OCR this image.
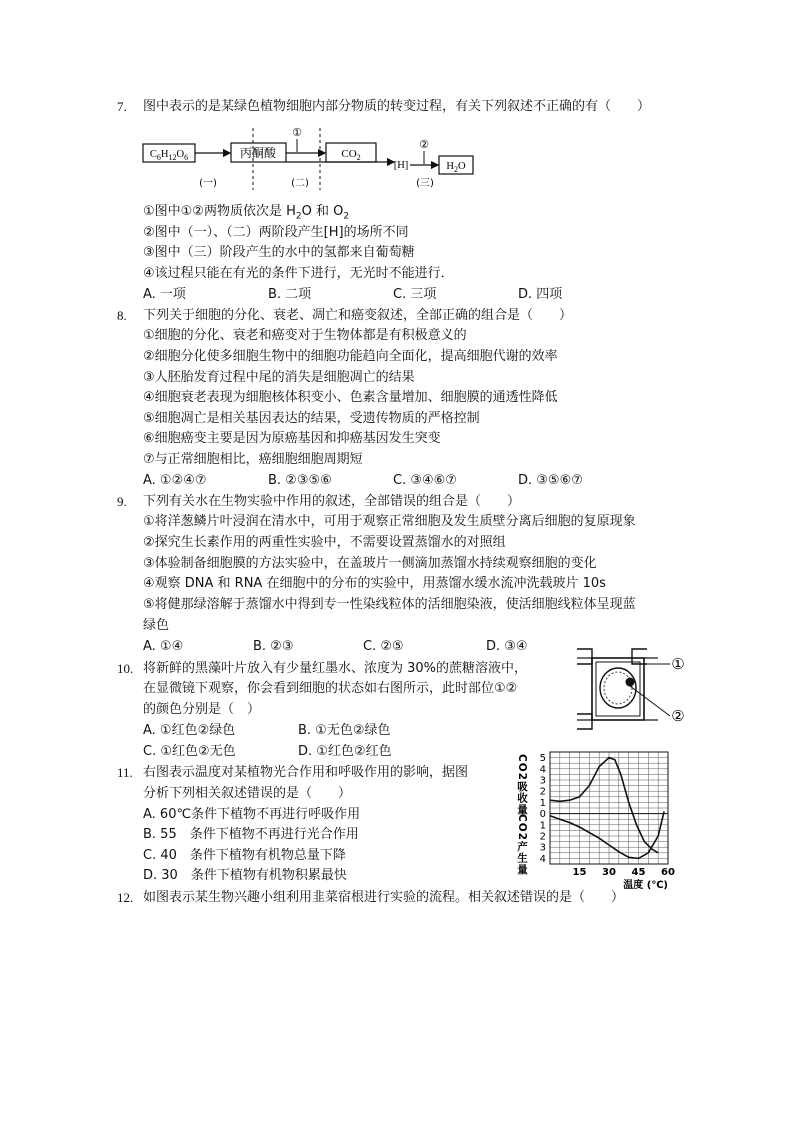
7. 图中表示的是某绿色植物细胞内部分物质的转变过程，有关下列叙述不正确的有（　　）
$C_6H_{12}O_6$	丙酮酸
①
$CO_2$
[H]
②
$H_2O$
(一)	(二)	(三)
①图中①②两物质依次是 $H_2O$ 和 $O_2$
②图中（一）、（二）两阶段产生[H]的场所不同
③图中（三）阶段产生的水中的氢都来自葡萄糖
④该过程只能在有光的条件下进行，无光时不能进行．
A. 一项	B. 二项	C. 三项	D. 四项
8. 下列关于细胞的分化、衰老、凋亡和癌变叙述，全部正确的组合是（　　）
①细胞的分化、衰老和癌变对于生物体都是有积极意义的
②细胞分化使多细胞生物中的细胞功能趋向全面化，提高细胞代谢的效率
③人胚胎发育过程中尾的消失是细胞凋亡的结果
④细胞衰老表现为细胞核体积变小、色素含量增加、细胞膜的通透性降低
⑤细胞凋亡是相关基因表达的结果，受遗传物质的严格控制
⑥细胞癌变主要是因为原癌基因和抑癌基因发生突变
⑦与正常细胞相比，癌细胞细胞周期短
A. ①②④⑦	B. ②③⑤⑥	C. ③④⑥⑦	D. ③⑤⑥⑦
9. 下列有关水在生物实验中作用的叙述，全部错误的组合是（　　）
①将洋葱鳞片叶浸润在清水中，可用于观察正常细胞及发生质壁分离后细胞的复原现象
②探究生长素作用的两重性实验中，不需要设置蒸馏水的对照组
③体验制备细胞膜的方法实验中，在盖玻片一侧滴加蒸馏水持续观察细胞的变化
④观察 DNA 和 RNA 在细胞中的分布的实验中，用蒸馏水缓水流冲洗载玻片 10s
⑤将健那绿溶解于蒸馏水中得到专一性染线粒体的活细胞染液，使活细胞线粒体呈现蓝
绿色
A. ①④	B. ②③	C. ②⑤	D. ③④
10. 将新鲜的黑藻叶片放入有少量红墨水、浓度为 30%的蔗糖溶液中，
在显微镜下观察，你会看到细胞的状态如右图所示，此时部位①②
的颜色分别是（　）
A. ①红色②绿色	B. ①无色②绿色
C. ①红色②无色	D. ①红色②红色
①
②
11. 右图表示温度对某植物光合作用和呼吸作用的影响，据图
分析下列相关叙述错误的是（　　）
A. 60℃条件下植物不再进行呼吸作用
B. 55　条件下植物不再进行光合作用
C. 40　条件下植物有机物总量下降
D. 30　条件下植物有机物积累最快	15 30 45 60
5
4
3
2
1
0
1
2
3
4
CO2吸收量
CO2产生量
温度 (℃)
12. 如图表示某生物兴趣小组利用韭菜宿根进行实验的流程。相关叙述错误的是（　　）
